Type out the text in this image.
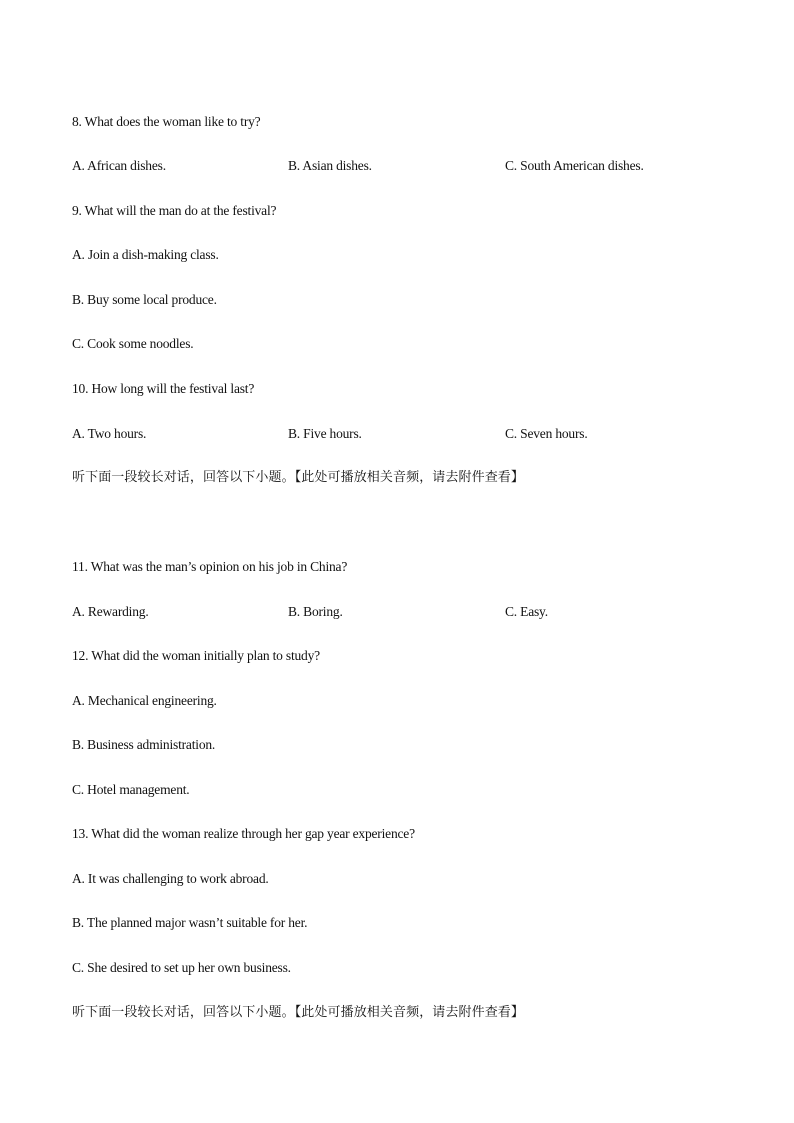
8. What does the woman like to try?
A. African dishes.	B. Asian dishes.	C. South American dishes.
9. What will the man do at the festival?
A. Join a dish-making class.
B. Buy some local produce.
C. Cook some noodles.
10. How long will the festival last?
A. Two hours.	B. Five hours.	C. Seven hours.
听下面一段较长对话，回答以下小题。【此处可播放相关音频，请去附件查看】
11. What was the man’s opinion on his job in China?
A. Rewarding.	B. Boring.	C. Easy.
12. What did the woman initially plan to study?
A. Mechanical engineering.
B. Business administration.
C. Hotel management.
13. What did the woman realize through her gap year experience?
A. It was challenging to work abroad.
B. The planned major wasn’t suitable for her.
C. She desired to set up her own business.
听下面一段较长对话，回答以下小题。【此处可播放相关音频，请去附件查看】
